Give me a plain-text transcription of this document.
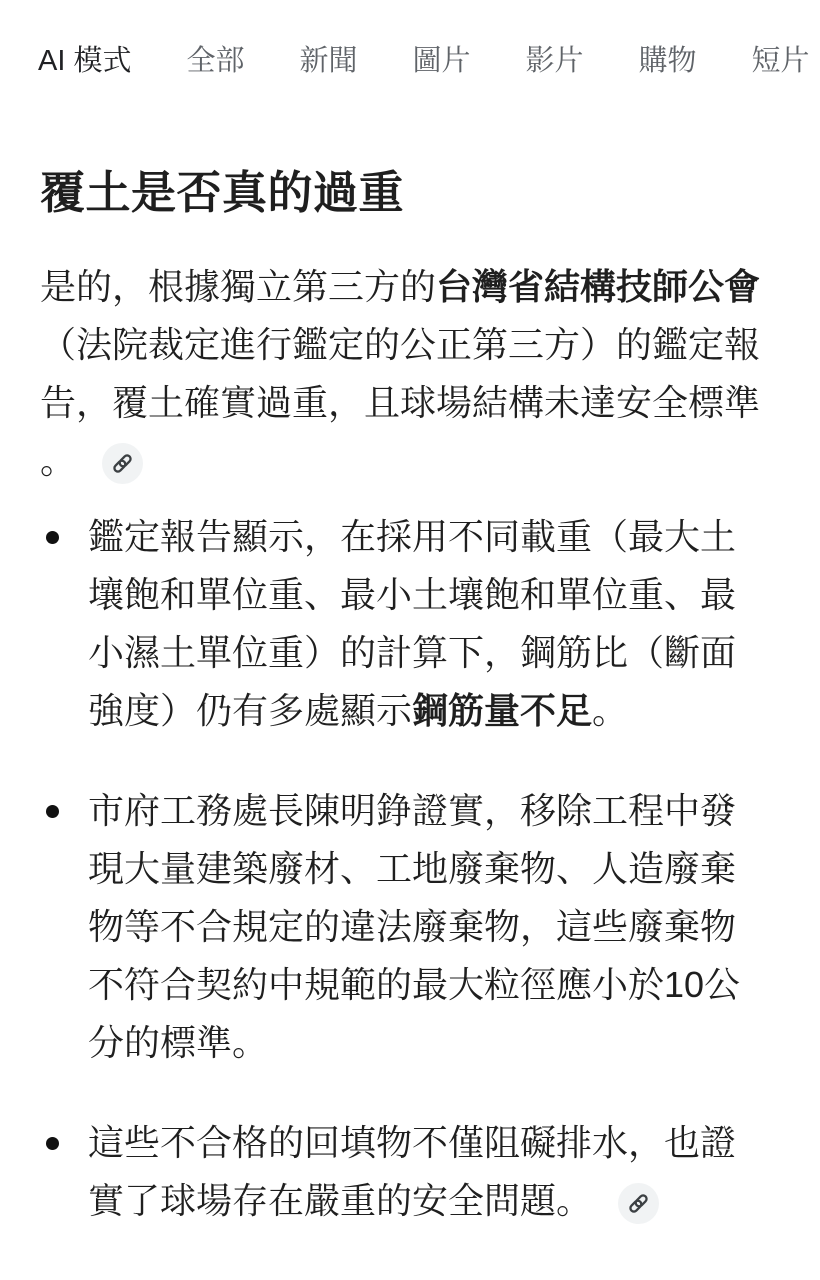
AI 模式 全部 新聞 圖片 影片 購物 短片
覆土是否真的過重

是的，根據獨立第三方的台灣省結構技師公會（法院裁定進行鑑定的公正第三方）的鑑定報告，覆土確實過重，且球場結構未達安全標準。

鑑定報告顯示，在採用不同載重（最大土壤飽和單位重、最小土壤飽和單位重、最小濕土單位重）的計算下，鋼筋比（斷面強度）仍有多處顯示鋼筋量不足。
市府工務處長陳明錚證實，移除工程中發現大量建築廢材、工地廢棄物、人造廢棄物等不合規定的違法廢棄物，這些廢棄物不符合契約中規範的最大粒徑應小於10公分的標準。
這些不合格的回填物不僅阻礙排水，也證實了球場存在嚴重的安全問題。
